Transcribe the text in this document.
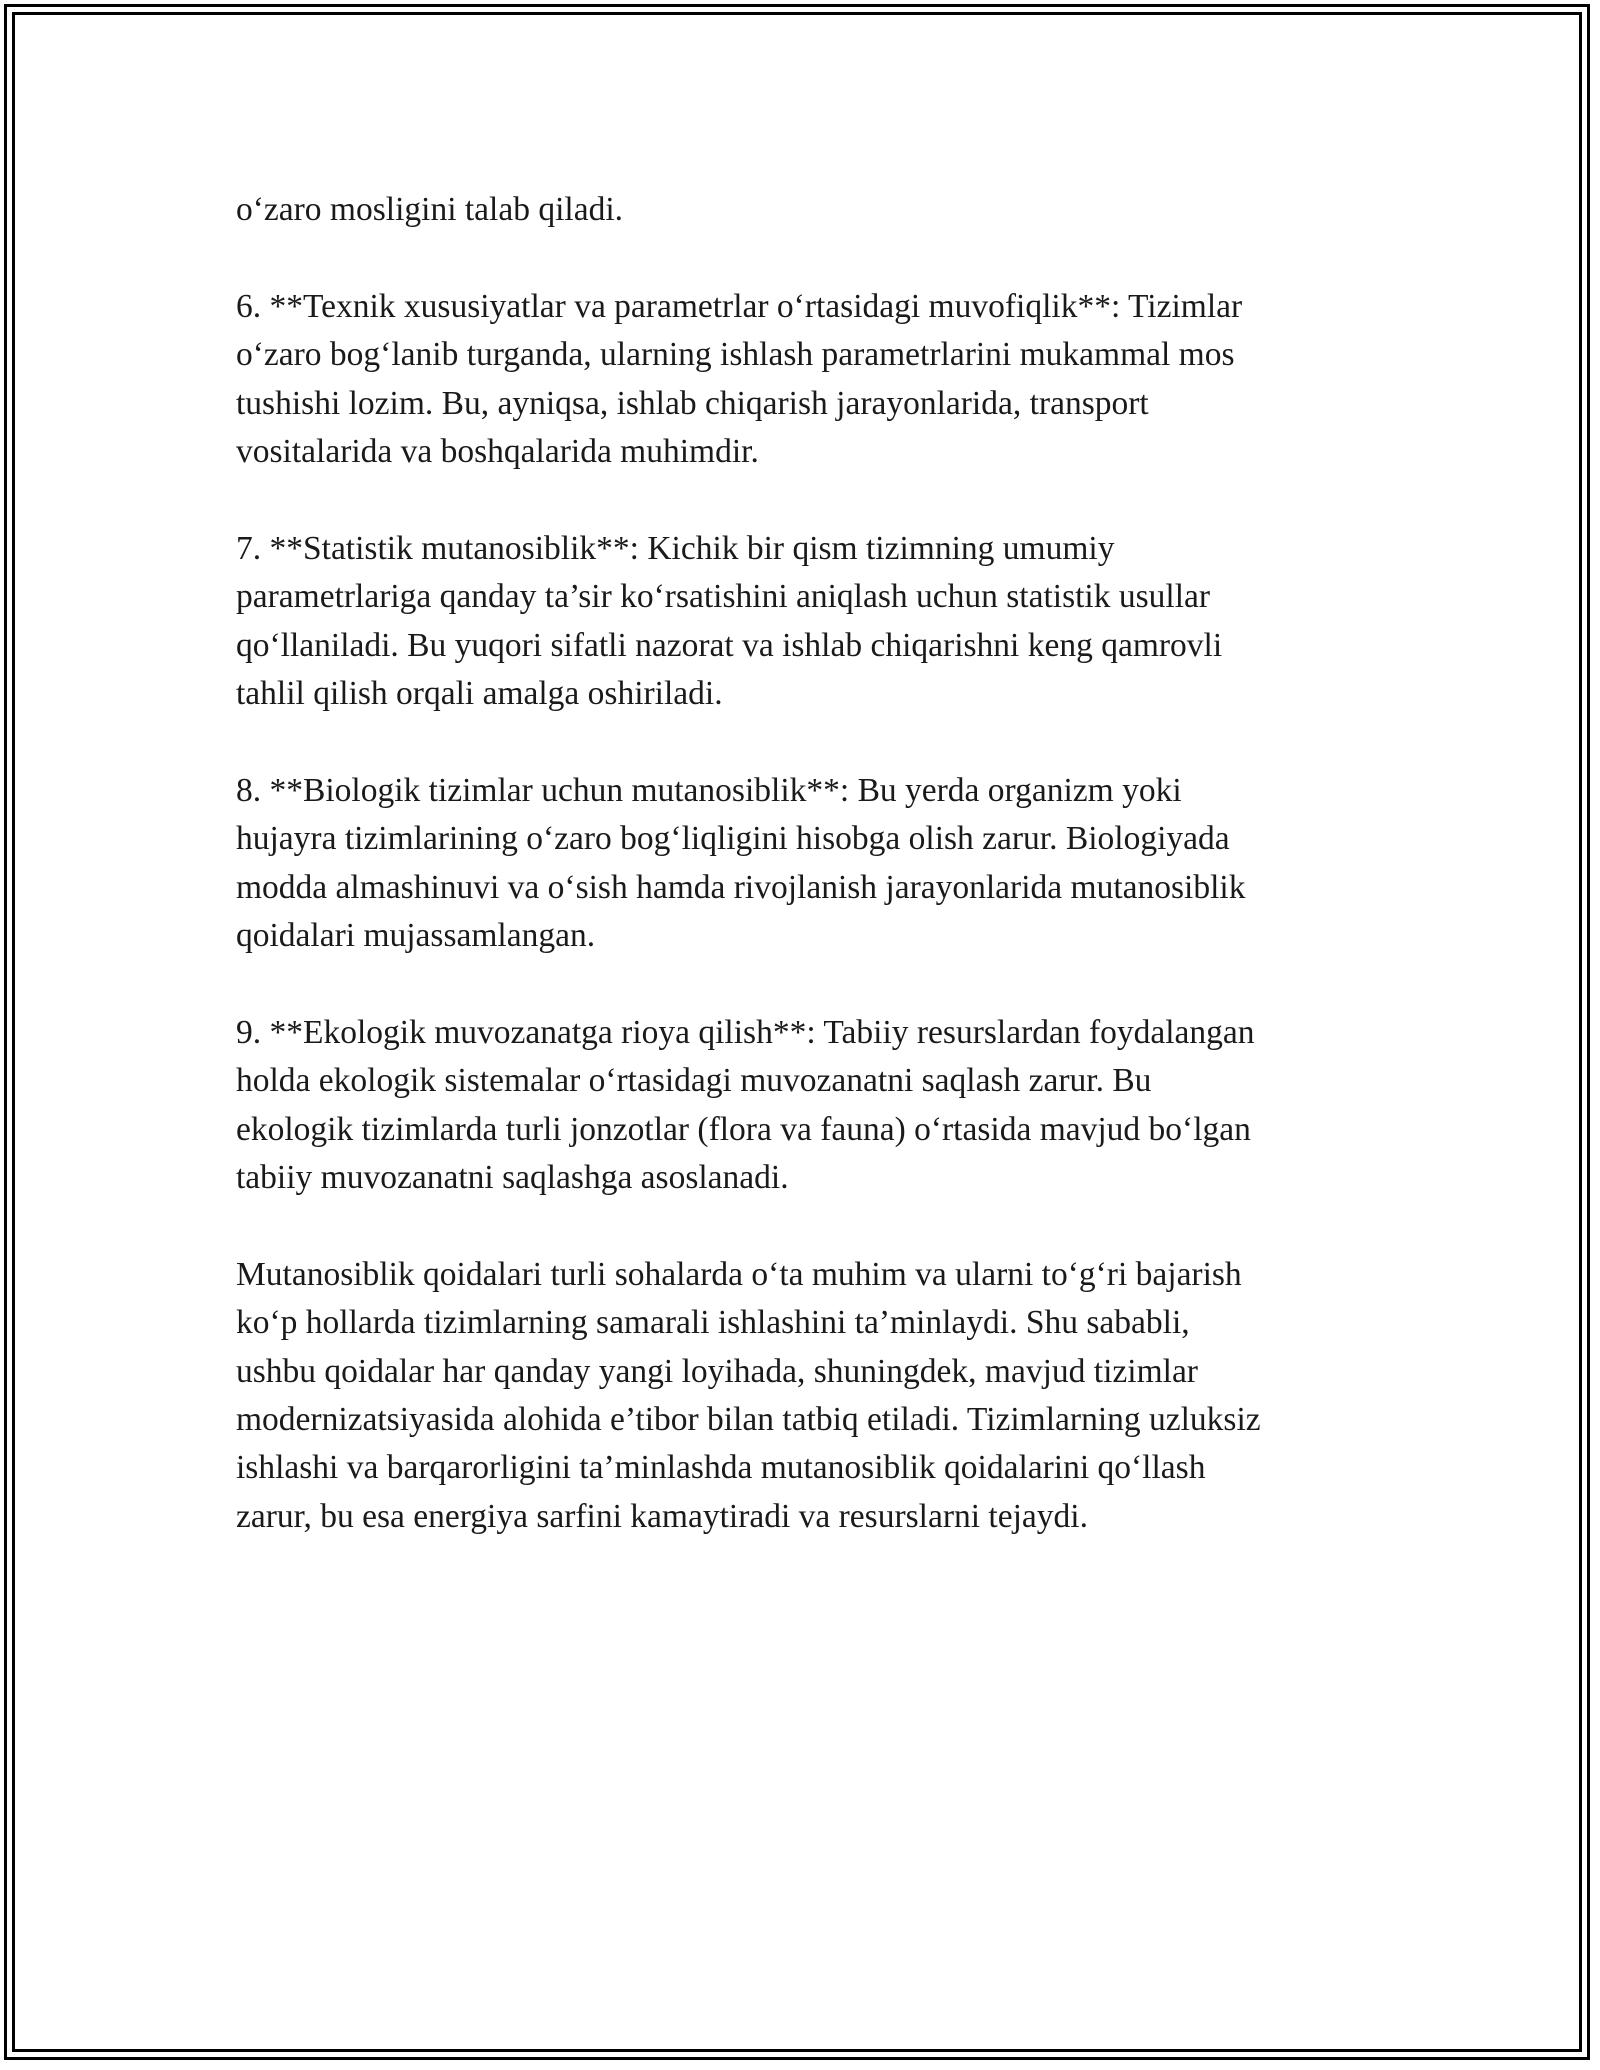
o‘zaro mosligini talab qiladi.

6. **Texnik xususiyatlar va parametrlar o‘rtasidagi muvofiqlik**: Tizimlar
o‘zaro bog‘lanib turganda, ularning ishlash parametrlarini mukammal mos
tushishi lozim. Bu, ayniqsa, ishlab chiqarish jarayonlarida, transport
vositalarida va boshqalarida muhimdir.

7. **Statistik mutanosiblik**: Kichik bir qism tizimning umumiy
parametrlariga qanday ta’sir ko‘rsatishini aniqlash uchun statistik usullar
qo‘llaniladi. Bu yuqori sifatli nazorat va ishlab chiqarishni keng qamrovli
tahlil qilish orqali amalga oshiriladi.

8. **Biologik tizimlar uchun mutanosiblik**: Bu yerda organizm yoki
hujayra tizimlarining o‘zaro bog‘liqligini hisobga olish zarur. Biologiyada
modda almashinuvi va o‘sish hamda rivojlanish jarayonlarida mutanosiblik
qoidalari mujassamlangan.

9. **Ekologik muvozanatga rioya qilish**: Tabiiy resurslardan foydalangan
holda ekologik sistemalar o‘rtasidagi muvozanatni saqlash zarur. Bu
ekologik tizimlarda turli jonzotlar (flora va fauna) o‘rtasida mavjud bo‘lgan
tabiiy muvozanatni saqlashga asoslanadi.

Mutanosiblik qoidalari turli sohalarda o‘ta muhim va ularni to‘g‘ri bajarish
ko‘p hollarda tizimlarning samarali ishlashini ta’minlaydi. Shu sababli,
ushbu qoidalar har qanday yangi loyihada, shuningdek, mavjud tizimlar
modernizatsiyasida alohida e’tibor bilan tatbiq etiladi. Tizimlarning uzluksiz
ishlashi va barqarorligini ta’minlashda mutanosiblik qoidalarini qo‘llash
zarur, bu esa energiya sarfini kamaytiradi va resurslarni tejaydi.
